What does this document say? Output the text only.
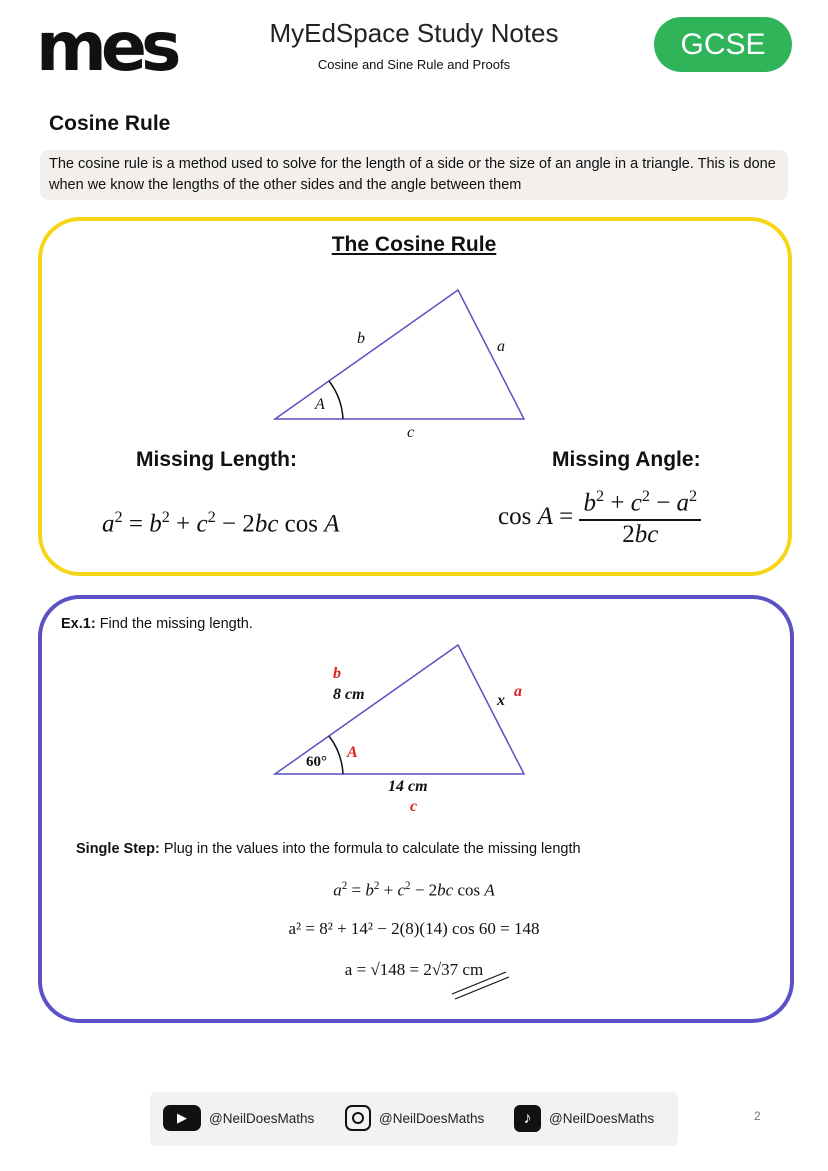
mes	MyEdSpace Study Notes
Cosine and Sine Rule and Proofs
GCSE
Cosine Rule
The cosine rule is a method used to solve for the length of a side or the size of an angle in a triangle. This is done when we know the lengths of the other sides and the angle between them
The Cosine Rule
b	a
c
A
Missing Length:	Missing Angle:
$a^2 = b^2 + c^2 - 2bc$ cos A	$\cos A = \frac{b^2 + c^2 - a^2}{2bc}$
Ex.1: Find the missing length.
b
8 cm	x
a
60°
A
14 cm
c
Single Step: Plug in the values into the formula to calculate the missing length
$a^2 = b^2 + c^2 - 2bc$ cos A
a² = 8² + 14² − 2(8)(14) cos 60 = 148
a = √148 = 2√37 cm
▶	@NeilDoesMaths	@NeilDoesMaths	♪	@NeilDoesMaths	2
